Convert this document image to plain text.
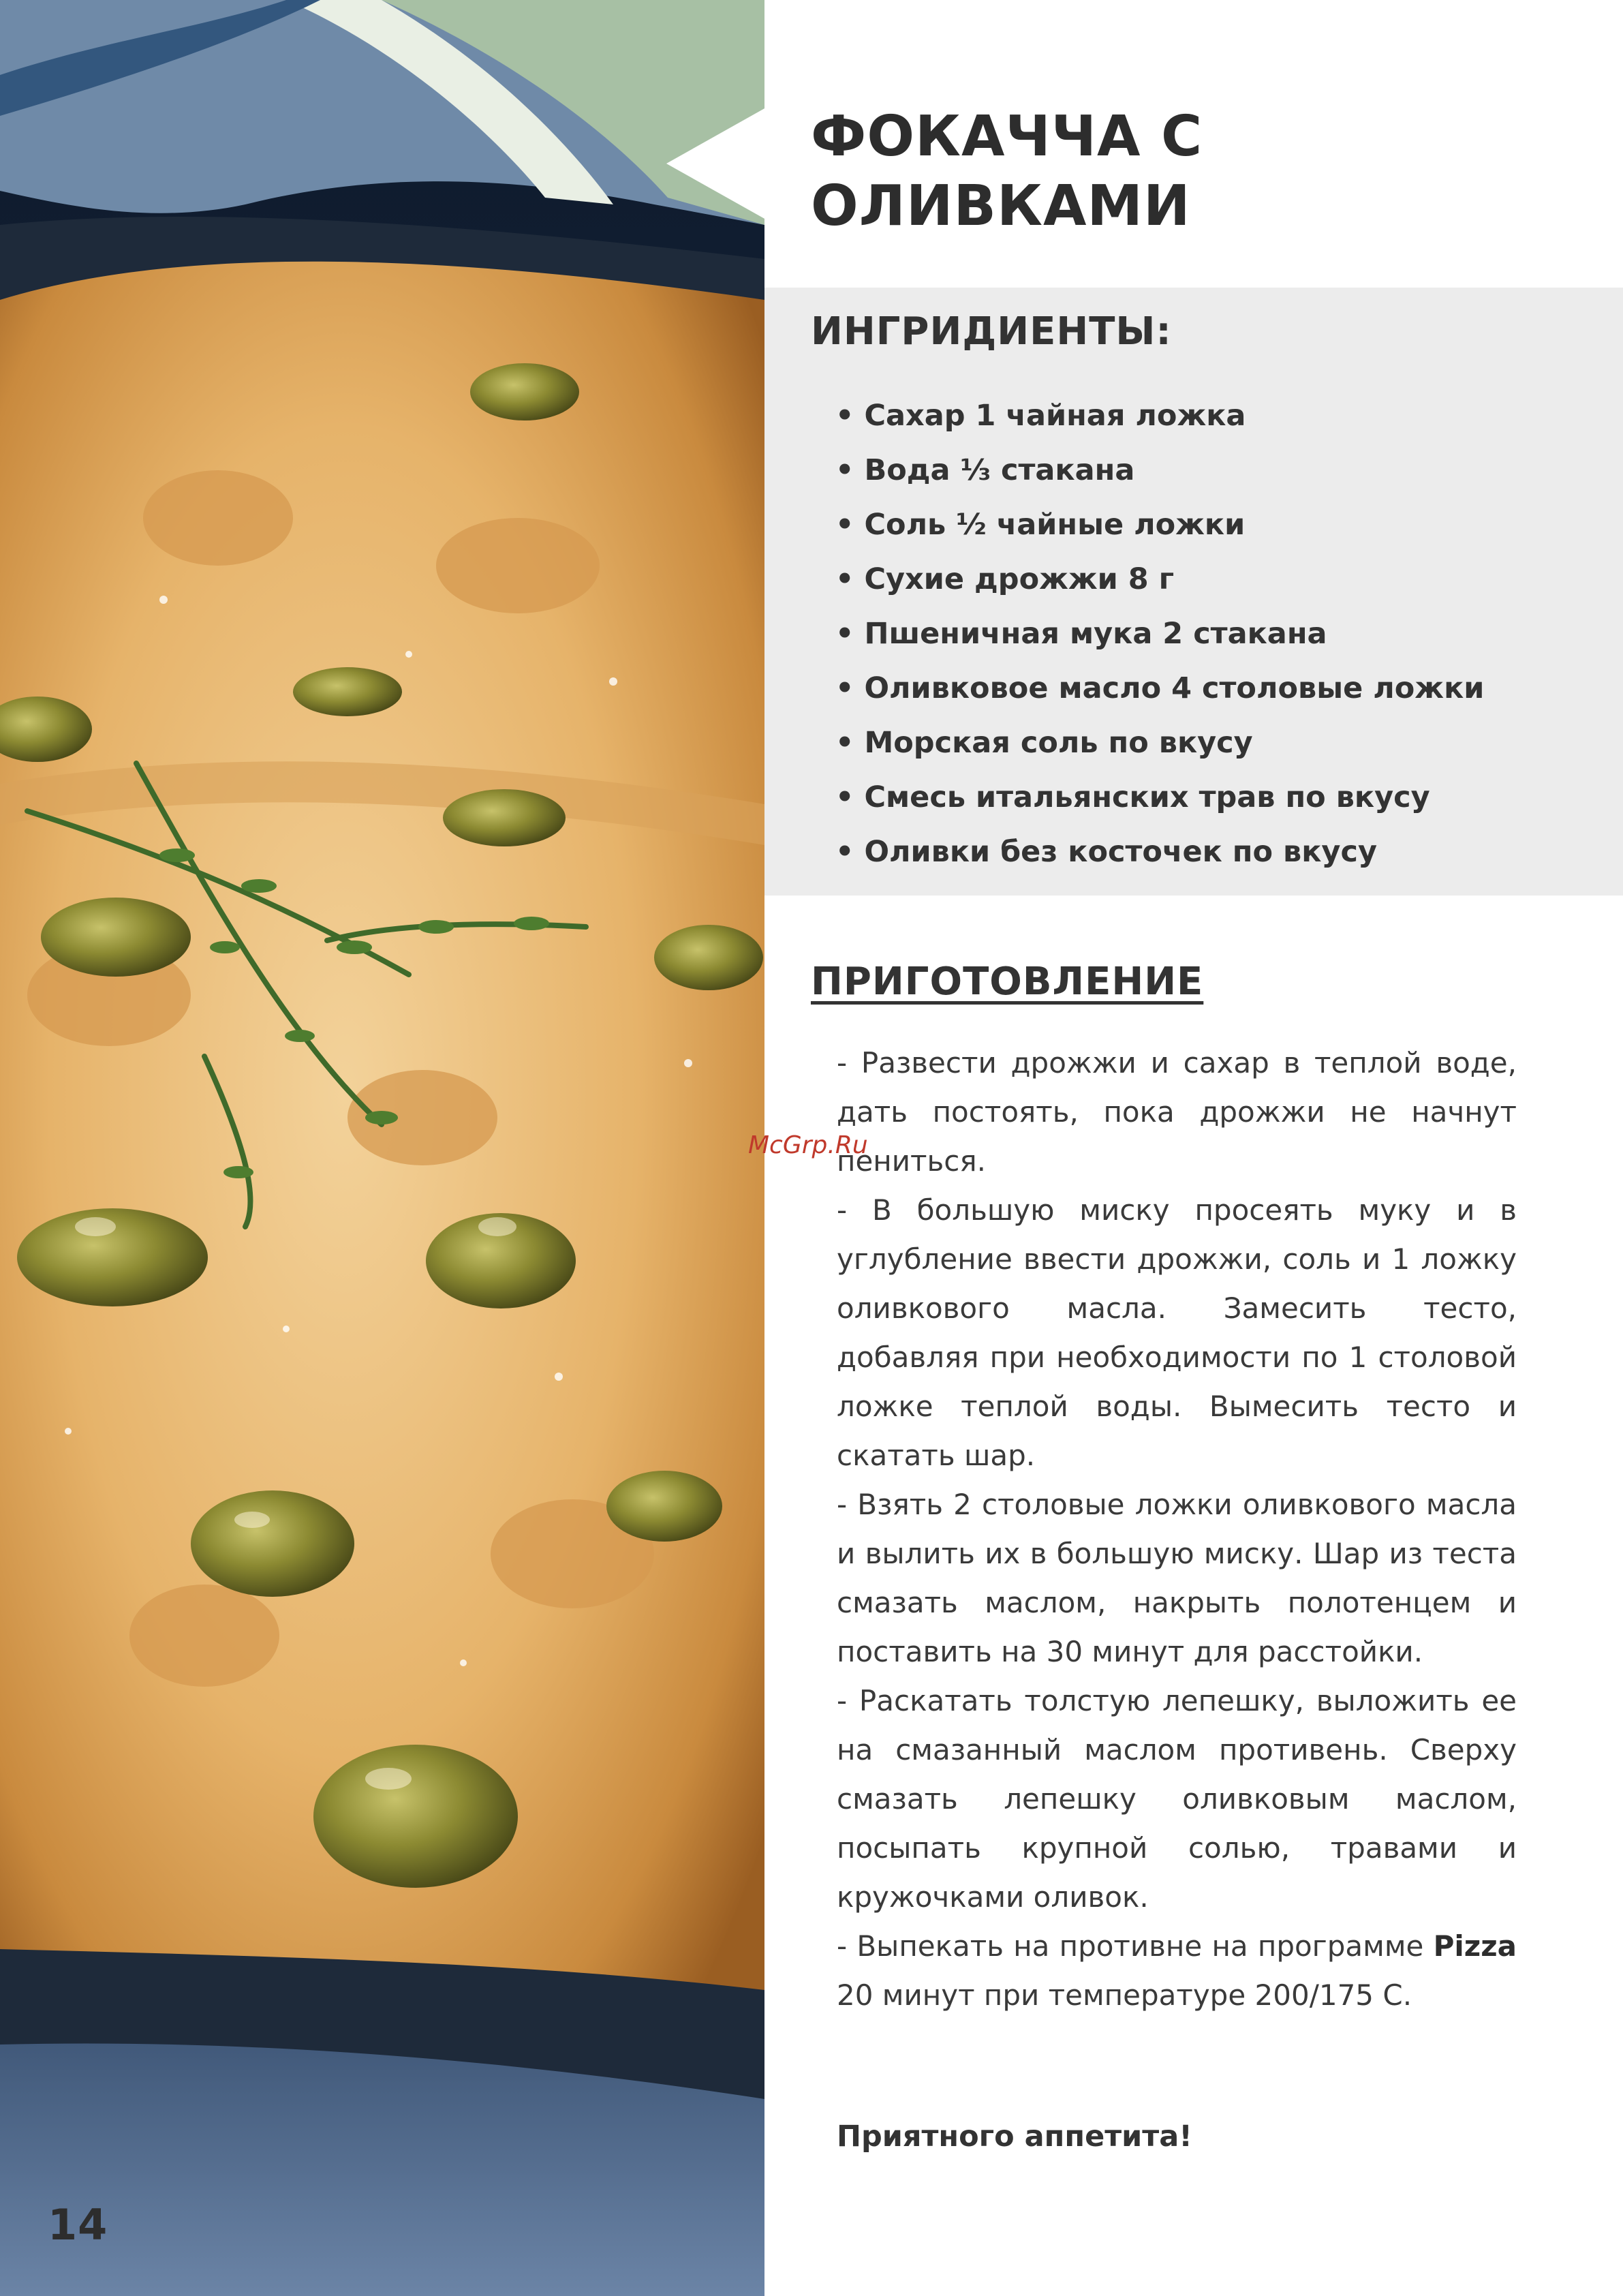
14
McGrp.Ru
ФОКАЧЧА С
ОЛИВКАМИ
ИНГРИДИЕНТЫ:
• Сахар 1 чайная ложка
• Вода ⅓ стакана
• Соль ½ чайные ложки
• Сухие дрожжи 8 г
• Пшеничная мука 2 стакана
• Оливковое масло 4 столовые ложки
• Морская соль по вкусу
• Смесь итальянских трав по вкусу
• Оливки без косточек по вкусу
ПРИГОТОВЛЕНИЕ

- Развести дрожжи и сахар в теплой воде, дать постоять, пока дрожжи не начнут пениться.

- В большую миску просеять муку и в углубление ввести дрожжи, соль и 1 ложку оливкового масла. Замесить тесто, добавляя при необходимости по 1 столовой ложке теплой воды. Вымесить тесто и скатать шар.

- Взять 2 столовые ложки оливкового масла и вылить их в большую миску. Шар из теста смазать маслом, накрыть полотенцем и поставить на 30 минут для расстойки.

- Раскатать толстую лепешку, выложить ее на смазанный маслом противень. Сверху смазать лепешку оливковым маслом, посыпать крупной солью, травами и кружочками оливок.

- Выпекать на противне на программе Pizza 20 минут при температуре 200/175 С.

Приятного аппетита!
